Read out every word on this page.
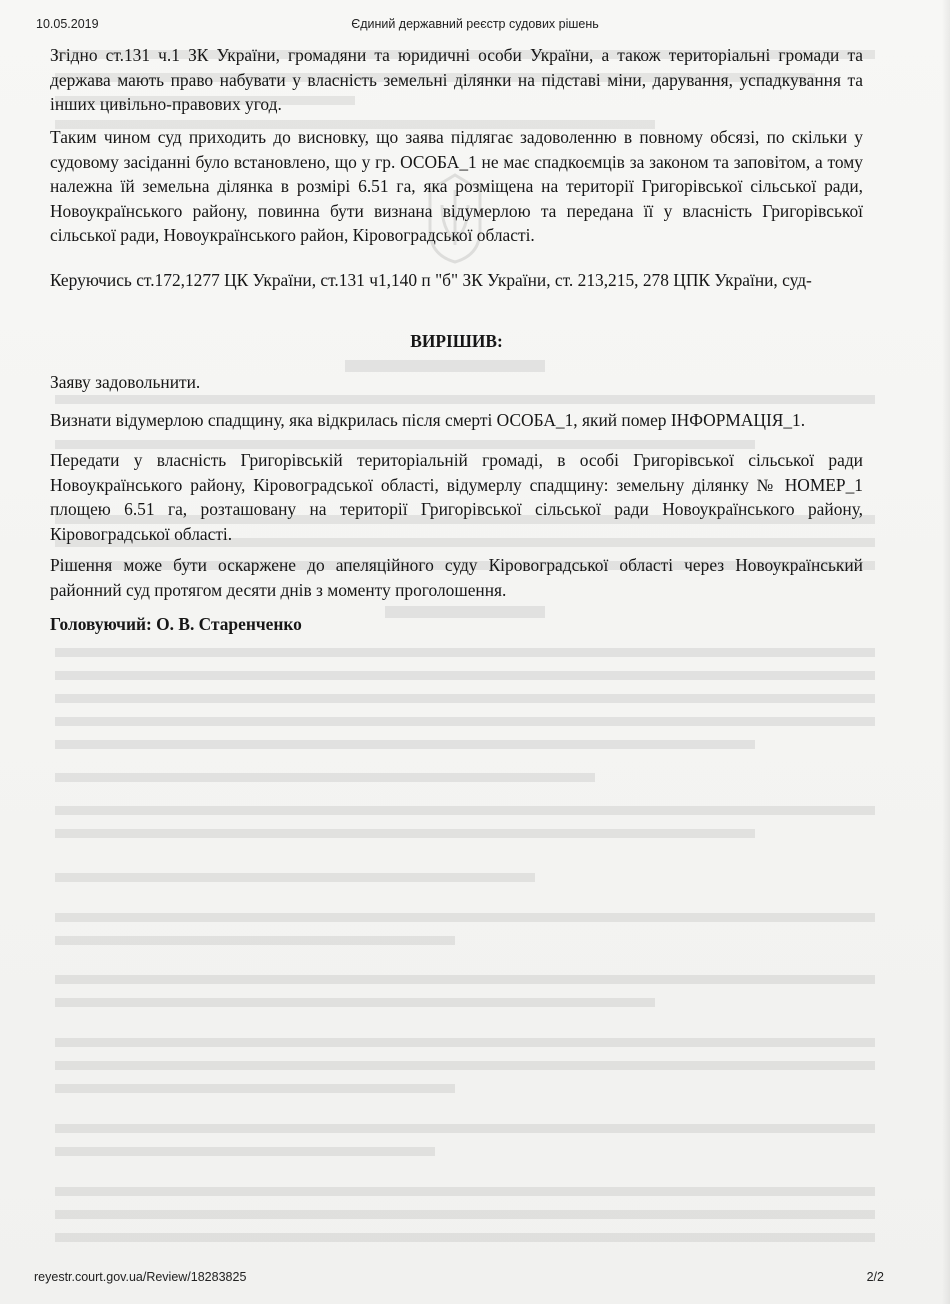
10.05.2019	Єдиний державний реєстр судових рішень

Згідно ст.131 ч.1 ЗК України, громадяни та юридичні особи України, а також територіальні громади та держава мають право набувати у власність земельні ділянки на підставі міни, дарування, успадкування та інших цивільно-правових угод.

Таким чином суд приходить до висновку, що заява підлягає задоволенню в повному обсязі, по скільки у судовому засіданні було встановлено, що у гр. ОСОБА_1 не має спадкоємців за законом та заповітом, а тому належна їй земельна ділянка в розмірі 6.51 га, яка розміщена на території Григорівської сільської ради, Новоукраїнського району, повинна бути визнана відумерлою та передана її у власність Григорівської сільської ради, Новоукраїнського район, Кіровоградської області.

Керуючись ст.172,1277 ЦК України, ст.131 ч1,140 п "б" ЗК України, ст. 213,215, 278 ЦПК України, суд-

ВИРІШИВ:

Заяву задовольнити.

Визнати відумерлою спадщину, яка відкрилась після смерті ОСОБА_1, який помер ІНФОРМАЦІЯ_1.

Передати у власність Григорівській територіальній громаді, в особі Григорівської сільської ради Новоукраїнського району, Кіровоградської області, відумерлу спадщину: земельну ділянку № НОМЕР_1 площею 6.51 га, розташовану на території Григорівської сільської ради Новоукраїнського району, Кіровоградської області.

Рішення може бути оскаржене до апеляційного суду Кіровоградської області через Новоукраїнський районний суд протягом десяти днів з моменту проголошення.

Головуючий: О. В. Старенченко
reyestr.court.gov.ua/Review/18283825	2/2
